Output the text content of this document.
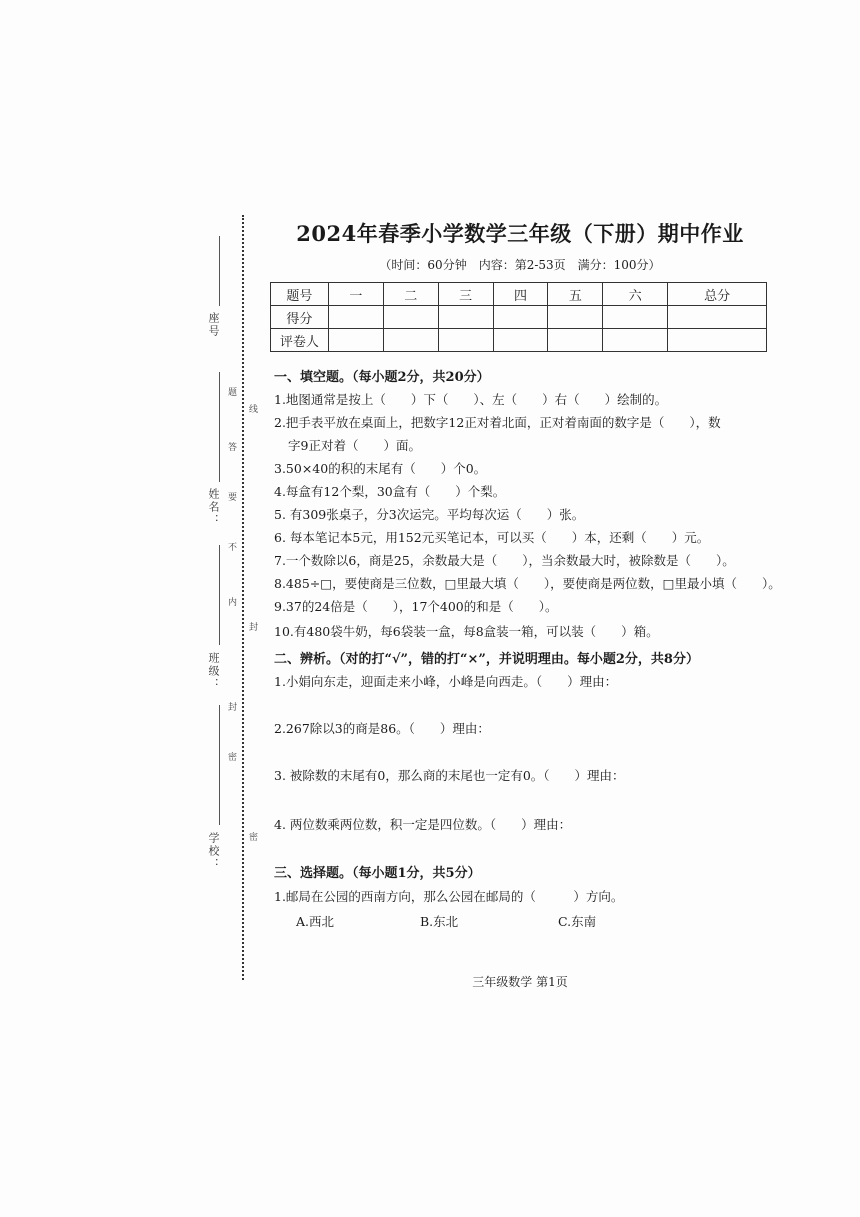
座号
姓名：
班级：
学校：
题
答
要
不
内
封
密
线
封
密
2024年春季小学数学三年级（下册）期中作业
（时间：60分钟　内容：第2-53页　满分：100分）
题号	一	二	三	四	五	六	总分
得分							
评卷人							
一、填空题。（每小题2分，共20分）
1.地图通常是按上（　　）下（　　）、左（　　）右（　　）绘制的。
2.把手表平放在桌面上，把数字12正对着北面，正对着南面的数字是（　　），数
字9正对着（　　）面。
3.50×40的积的末尾有（　　）个0。
4.每盒有12个梨，30盒有（　　）个梨。
5. 有309张桌子，分3次运完。平均每次运（　　）张。
6. 每本笔记本5元，用152元买笔记本，可以买（　　）本，还剩（　　）元。
7.一个数除以6，商是25，余数最大是（　　），当余数最大时，被除数是（　　）。
8.485÷□，要使商是三位数，□里最大填（　　），要使商是两位数，□里最小填（　　）。
9.37的24倍是（　　），17个400的和是（　　）。
10.有480袋牛奶，每6袋装一盒，每8盒装一箱，可以装（　　）箱。
二、辨析。（对的打“√”，错的打“×”，并说明理由。每小题2分，共8分）
1.小娟向东走，迎面走来小峰，小峰是向西走。（　　）理由：
2.267除以3的商是86。（　　）理由：
3. 被除数的末尾有0，那么商的末尾也一定有0。（　　）理由：
4. 两位数乘两位数，积一定是四位数。（　　）理由：
三、选择题。（每小题1分，共5分）
1.邮局在公园的西南方向，那么公园在邮局的（　　　）方向。
A.西北	B.东北	C.东南
三年级数学 第1页
